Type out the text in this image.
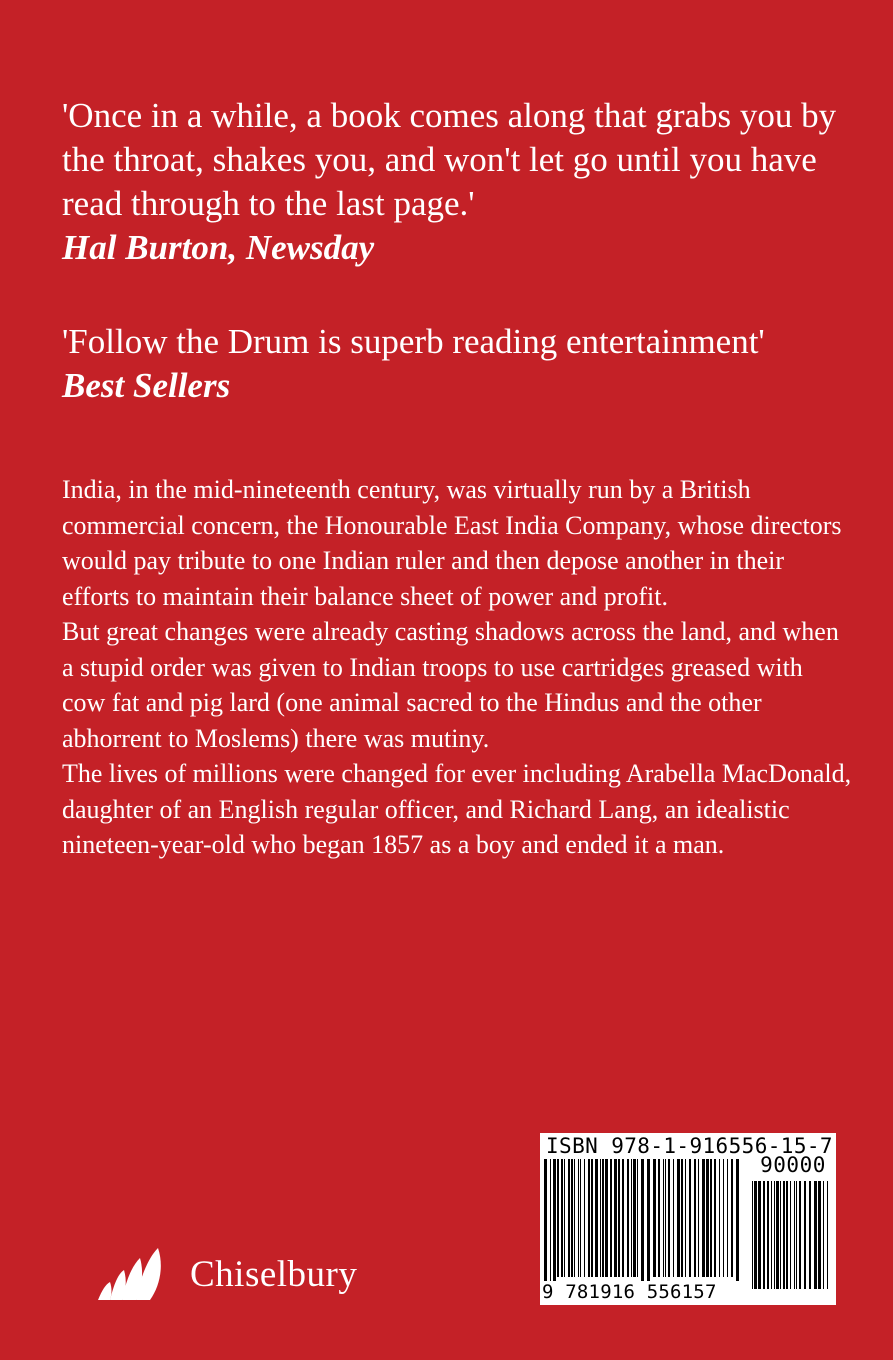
'Once in a while, a book comes along that grabs you by the throat, shakes you, and won't let go until you have read through to the last page.'
Hal Burton, Newsday
'Follow the Drum is superb reading entertainment'
Best Sellers

India, in the mid-nineteenth century, was virtually run by a British commercial concern, the Honourable East India Company, whose directors would pay tribute to one Indian ruler and then depose another in their efforts to maintain their balance sheet of power and profit.

But great changes were already casting shadows across the land, and when a stupid order was given to Indian troops to use cartridges greased with cow fat and pig lard (one animal sacred to the Hindus and the other abhorrent to Moslems) there was mutiny.

The lives of millions were changed for ever including Arabella MacDonald, daughter of an English regular officer, and Richard Lang, an idealistic nineteen-year-old who began 1857 as a boy and ended it a man.

Chiselbury
ISBN 978-1-916556-15-7
90000
9 781916 556157
